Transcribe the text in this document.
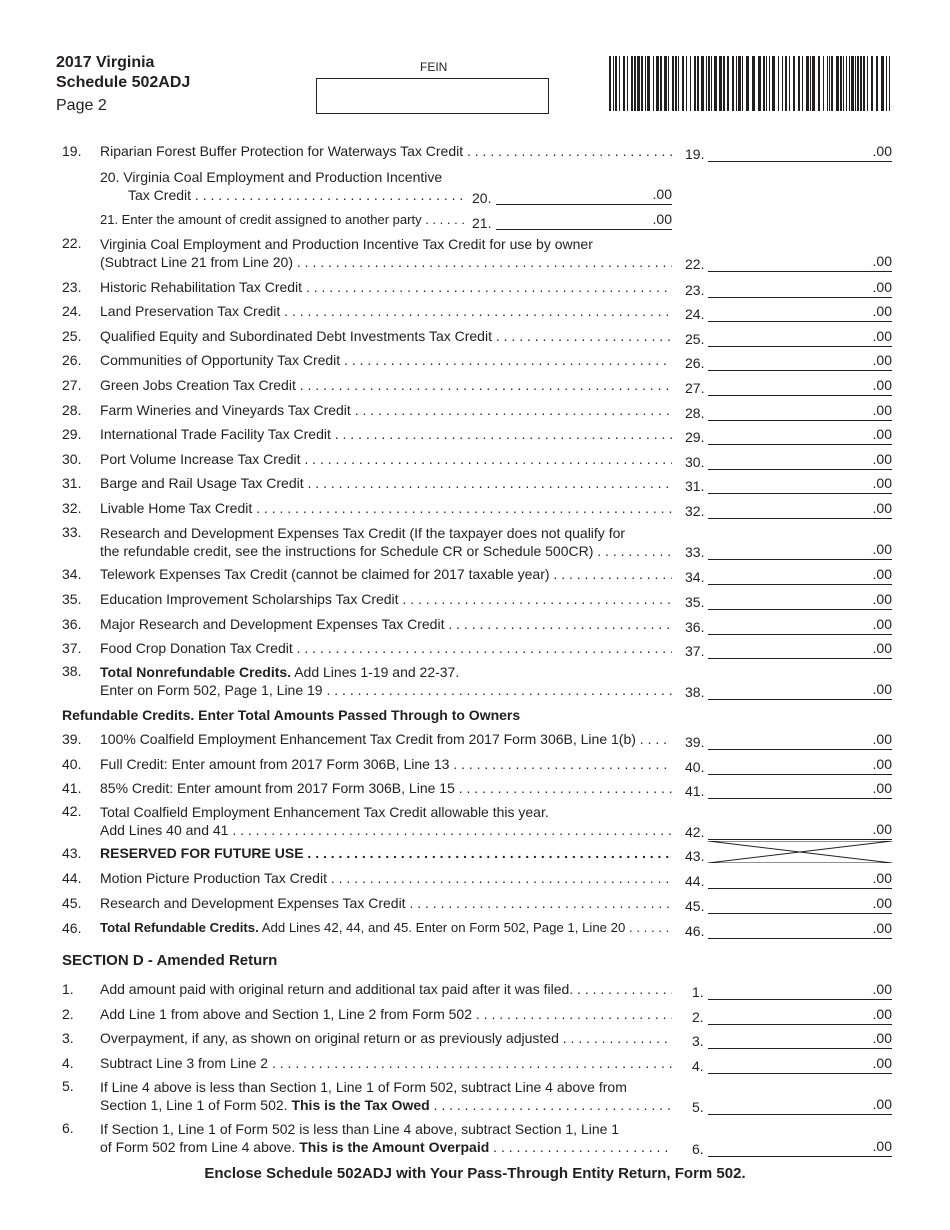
2017 Virginia
Schedule 502ADJ
Page 2
FEIN
19. Riparian Forest Buffer Protection for Waterways Tax Credit . . .	19.	.00
20. Virginia Coal Employment and Production Incentive
Tax Credit . . .	20.	.00
21. Enter the amount of credit assigned to another party . . .	21.	.00
22. Virginia Coal Employment and Production Incentive Tax Credit for use by owner
(Subtract Line 21 from Line 20) . . .	22.	.00
23. Historic Rehabilitation Tax Credit . . .	23.	.00
24. Land Preservation Tax Credit . . .	24.	.00
25. Qualified Equity and Subordinated Debt Investments Tax Credit . . .	25.	.00
26. Communities of Opportunity Tax Credit . . .	26.	.00
27. Green Jobs Creation Tax Credit . . .	27.	.00
28. Farm Wineries and Vineyards Tax Credit . . .	28.	.00
29. International Trade Facility Tax Credit . . .	29.	.00
30. Port Volume Increase Tax Credit . . .	30.	.00
31. Barge and Rail Usage Tax Credit . . .	31.	.00
32. Livable Home Tax Credit . . .	32.	.00
33. Research and Development Expenses Tax Credit (If the taxpayer does not qualify for
the refundable credit, see the instructions for Schedule CR or Schedule 500CR) . . .	33.	.00
34. Telework Expenses Tax Credit (cannot be claimed for 2017 taxable year) . . .	34.	.00
35. Education Improvement Scholarships Tax Credit . . .	35.	.00
36. Major Research and Development Expenses Tax Credit . . .	36.	.00
37. Food Crop Donation Tax Credit . . .	37.	.00
38. Total Nonrefundable Credits. Add Lines 1-19 and 22-37.
Enter on Form 502, Page 1, Line 19 . . .	38.	.00
Refundable Credits. Enter Total Amounts Passed Through to Owners
39. 100% Coalfield Employment Enhancement Tax Credit from 2017 Form 306B, Line 1(b) . . .	39.	.00
40. Full Credit: Enter amount from 2017 Form 306B, Line 13 . . .	40.	.00
41. 85% Credit: Enter amount from 2017 Form 306B, Line 15 . . .	41.	.00
42. Total Coalfield Employment Enhancement Tax Credit allowable this year.
Add Lines 40 and 41 . . .	42.	.00
43. RESERVED FOR FUTURE USE . . .	43.
44. Motion Picture Production Tax Credit . . .	44.	.00
45. Research and Development Expenses Tax Credit . . .	45.	.00
46. Total Refundable Credits. Add Lines 42, 44, and 45. Enter on Form 502, Page 1, Line 20 . . .	46.	.00
SECTION D - Amended Return
1. Add amount paid with original return and additional tax paid after it was filed. . . .	1.	.00
2. Add Line 1 from above and Section 1, Line 2 from Form 502 . . .	2.	.00
3. Overpayment, if any, as shown on original return or as previously adjusted . . .	3.	.00
4. Subtract Line 3 from Line 2 . . .	4.	.00
5. If Line 4 above is less than Section 1, Line 1 of Form 502, subtract Line 4 above from
Section 1, Line 1 of Form 502. This is the Tax Owed . . .	5.	.00
6. If Section 1, Line 1 of Form 502 is less than Line 4 above, subtract Section 1, Line 1
of Form 502 from Line 4 above. This is the Amount Overpaid . . .	6.	.00
Enclose Schedule 502ADJ with Your Pass-Through Entity Return, Form 502.
